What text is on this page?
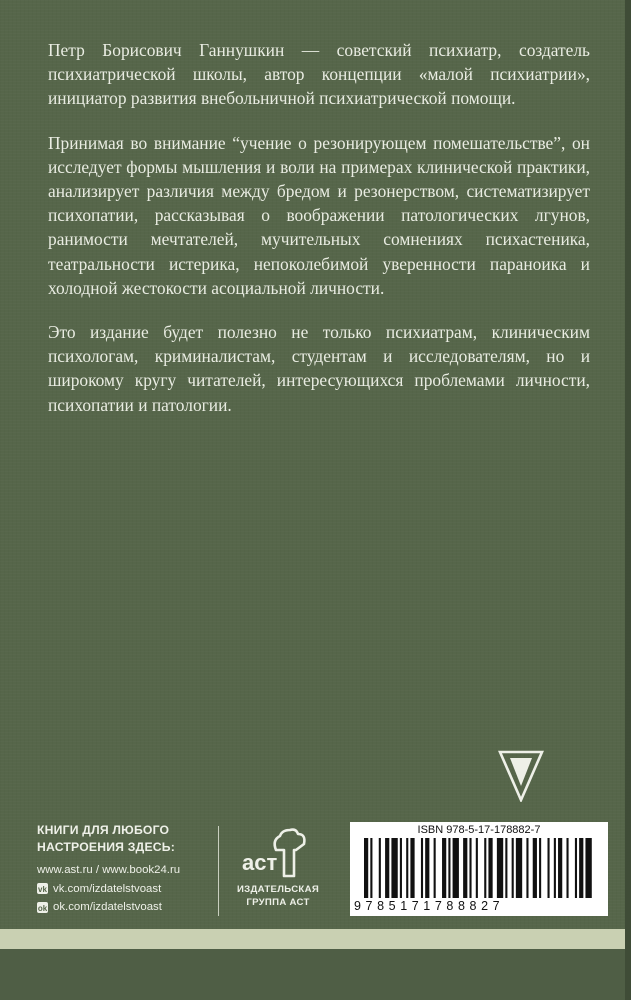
Петр Борисович Ганнушкин — советский психиатр, создатель психиатрической школы, автор концепции «малой психиатрии», инициатор развития внебольничной психиатрической помощи.

Принимая во внимание “учение о резонирующем помешательстве”, он исследует формы мышления и воли на примерах клинической практики, анализирует различия между бредом и резонерством, систематизирует психопатии, рассказывая о воображении патологических лгунов, ранимости мечтателей, мучительных сомнениях психастеника, театральности истерика, непоколебимой уверенности параноика и холодной жестокости асоциальной личности.

Это издание будет полезно не только психиатрам, клиническим психологам, криминалистам, студентам и исследователям, но и широкому кругу читателей, интересующихся проблемами личности, психопатии и патологии.

КНИГИ ДЛЯ ЛЮБОГО
НАСТРОЕНИЯ ЗДЕСЬ:
www.ast.ru / www.book24.ru
vk vk.com/izdatelstvoast
ok ok.com/izdatelstvoast
аст
ИЗДАТЕЛЬСКАЯ
ГРУППА АСТ
ISBN 978-5-17-178882-7
9785171788827
